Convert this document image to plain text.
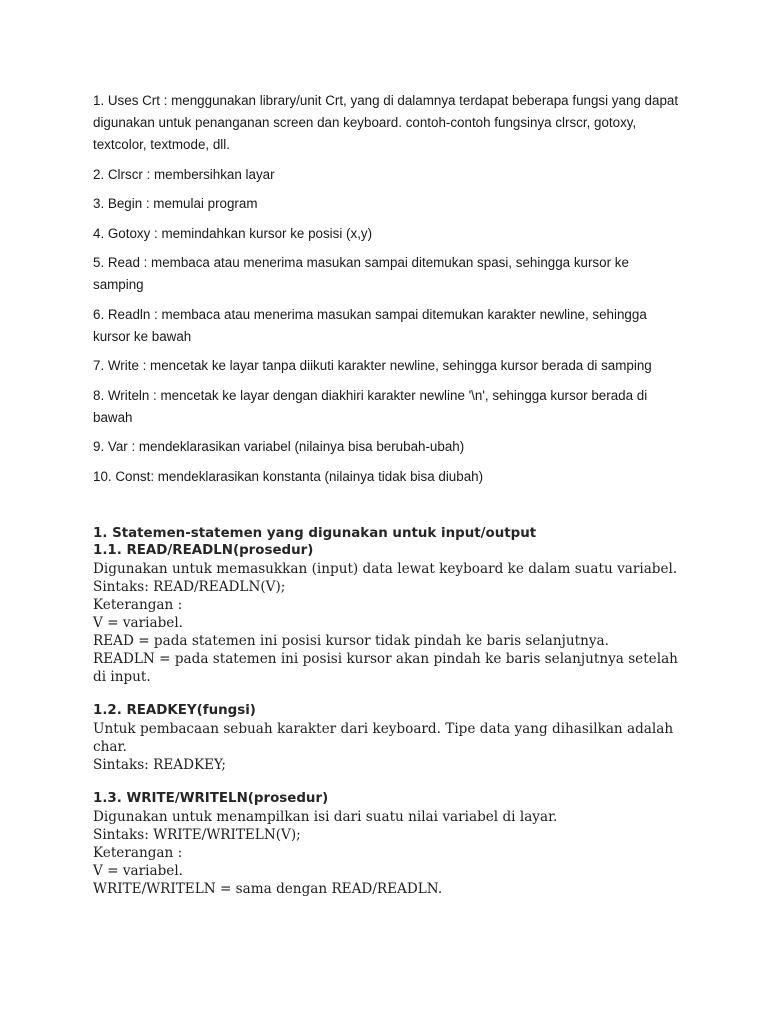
1. Uses Crt : menggunakan library/unit Crt, yang di dalamnya terdapat beberapa fungsi yang dapat digunakan untuk penanganan screen dan keyboard. contoh-contoh fungsinya clrscr, gotoxy, textcolor, textmode, dll.

2. Clrscr : membersihkan layar

3. Begin : memulai program

4. Gotoxy : memindahkan kursor ke posisi (x,y)

5. Read : membaca atau menerima masukan sampai ditemukan spasi, sehingga kursor ke samping

6. Readln : membaca atau menerima masukan sampai ditemukan karakter newline, sehingga kursor ke bawah

7. Write : mencetak ke layar tanpa diikuti karakter newline, sehingga kursor berada di samping

8. Writeln : mencetak ke layar dengan diakhiri karakter newline '\n', sehingga kursor berada di bawah

9. Var : mendeklarasikan variabel (nilainya bisa berubah-ubah)

10. Const: mendeklarasikan konstanta (nilainya tidak bisa diubah)

1. Statemen-statemen yang digunakan untuk input/output
1.1. READ/READLN(prosedur)

Digunakan untuk memasukkan (input) data lewat keyboard ke dalam suatu variabel.

Sintaks: READ/READLN(V);

Keterangan :

V = variabel.

READ = pada statemen ini posisi kursor tidak pindah ke baris selanjutnya.

READLN = pada statemen ini posisi kursor akan pindah ke baris selanjutnya setelah di input.

1.2. READKEY(fungsi)

Untuk pembacaan sebuah karakter dari keyboard. Tipe data yang dihasilkan adalah char.

Sintaks: READKEY;

1.3. WRITE/WRITELN(prosedur)

Digunakan untuk menampilkan isi dari suatu nilai variabel di layar.

Sintaks: WRITE/WRITELN(V);

Keterangan :

V = variabel.

WRITE/WRITELN = sama dengan READ/READLN.
